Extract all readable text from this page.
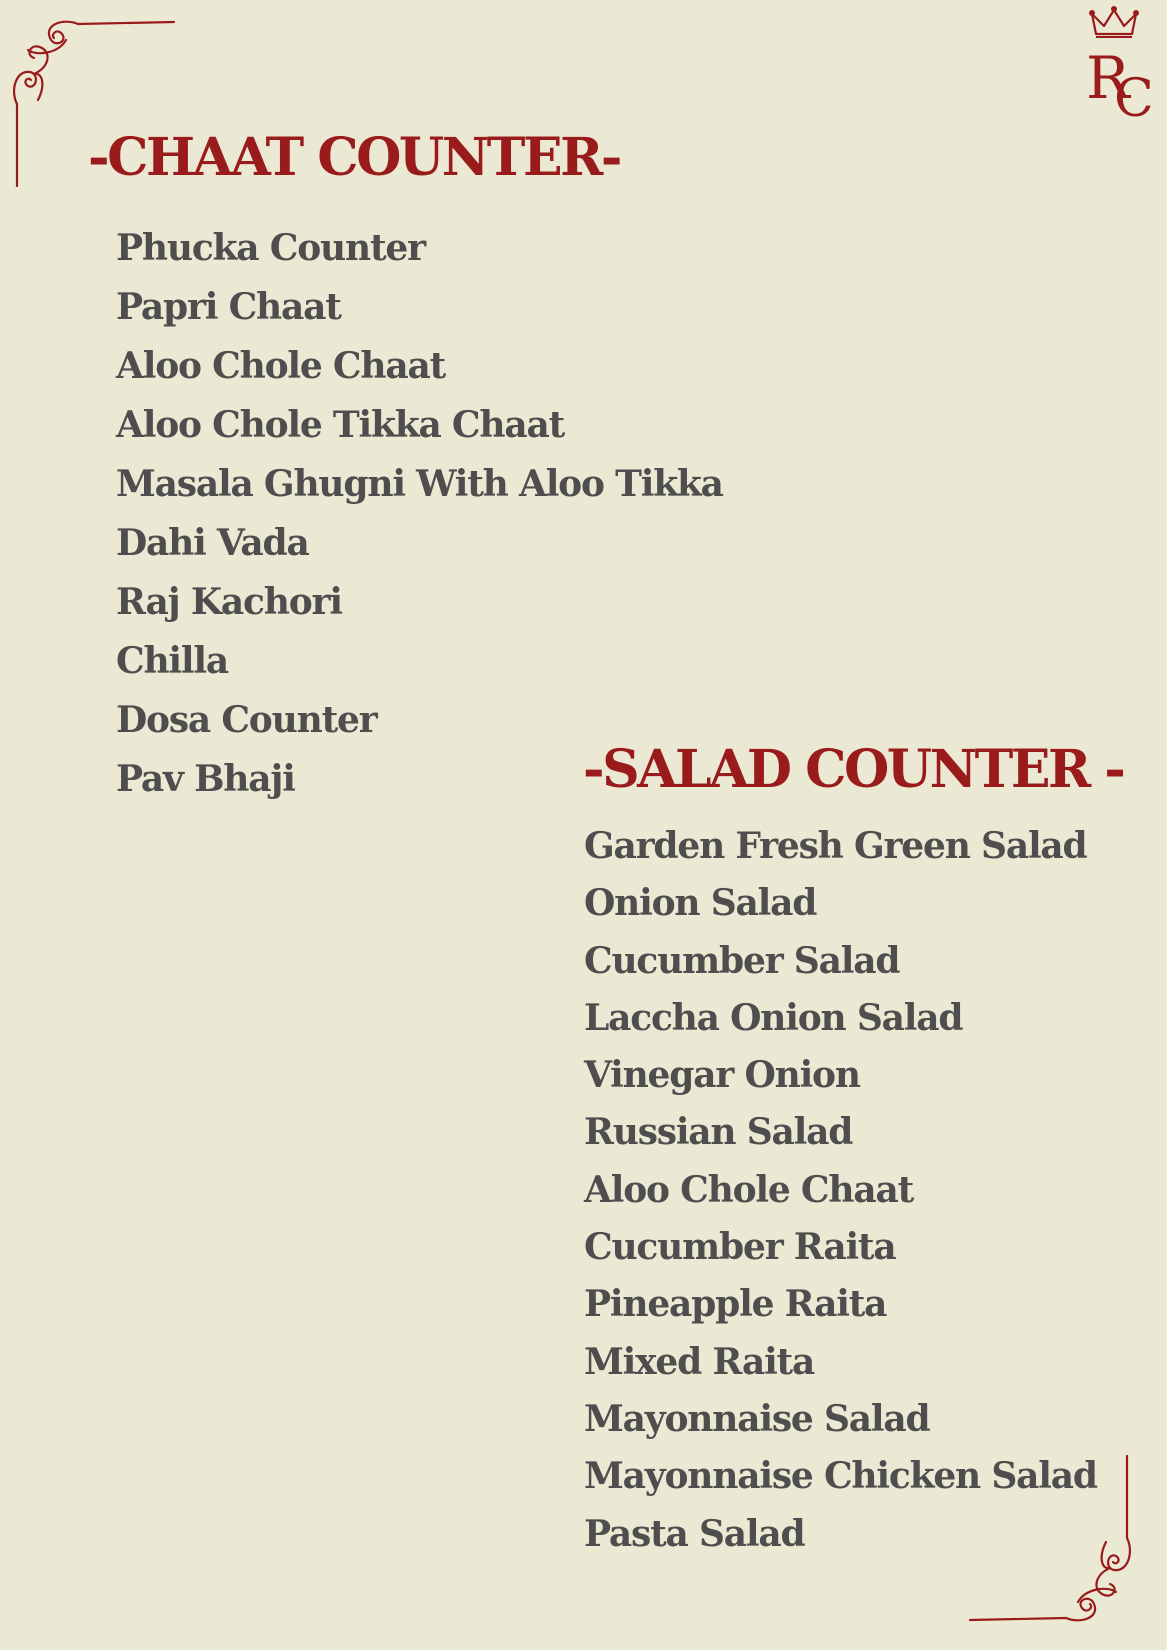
R
C
-CHAAT COUNTER-
Phucka Counter
Papri Chaat
Aloo Chole Chaat
Aloo Chole Tikka Chaat
Masala Ghugni With Aloo Tikka
Dahi Vada
Raj Kachori
Chilla
Dosa Counter
Pav Bhaji	-SALAD COUNTER -
Garden Fresh Green Salad
Onion Salad
Cucumber Salad
Laccha Onion Salad
Vinegar Onion
Russian Salad
Aloo Chole Chaat
Cucumber Raita
Pineapple Raita
Mixed Raita
Mayonnaise Salad
Mayonnaise Chicken Salad
Pasta Salad
